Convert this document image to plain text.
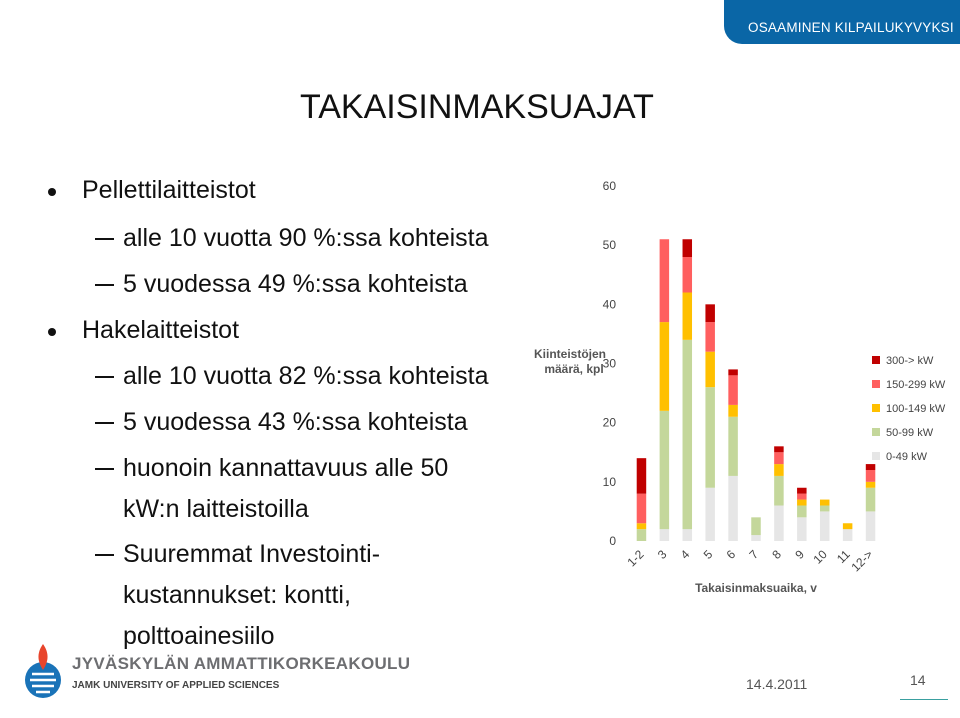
OSAAMINEN KILPAILUKYVYKSI
TAKAISINMAKSUAJAT
Pellettilaitteistot
alle 10 vuotta 90 %:ssa kohteista
5 vuodessa 49 %:ssa kohteista
Hakelaitteistot
alle 10 vuotta 82 %:ssa kohteista
5 vuodessa 43 %:ssa kohteista
huonoin kannattavuus alle 50
kW:n laitteistoilla
Suuremmat Investointi-
kustannukset: kontti,
polttoainesiilo
0
10
20
30
40
50
60
Kiinteistöjen
määrä, kpl
1-2 3 4 5 6 7 8 9 10 11
12->
Takaisinmaksuaika, v
300-> kW
150-299 kW
100-149 kW
50-99 kW
0-49 kW
JYVÄSKYLÄN AMMATTIKORKEAKOULU
JAMK UNIVERSITY OF APPLIED SCIENCES	14.4.2011	14
